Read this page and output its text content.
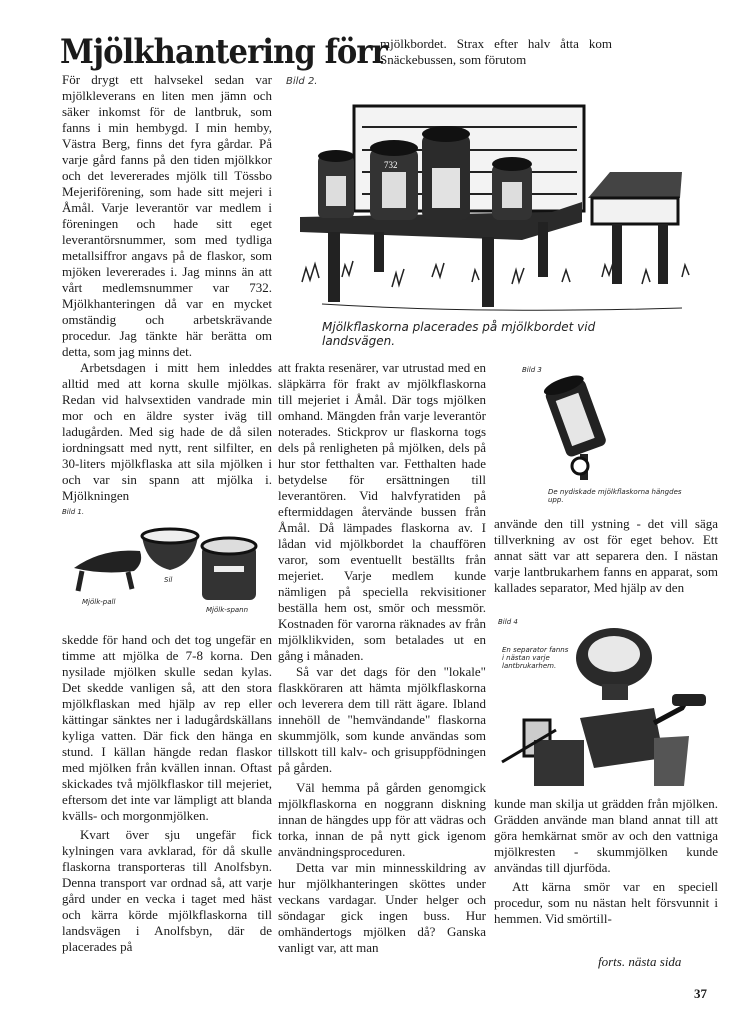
Mjölkhantering förr

mjölkbordet. Strax efter halv åtta kom Snäckebussen, som förutom

För drygt ett halvsekel sedan var mjölkleverans en liten men jämn och säker inkomst för de lantbruk, som fanns i min hembygd. I min hemby, Västra Berg, finns det fyra gårdar. På varje gård fanns på den tiden mjölkkor och det levererades mjölk till Tössbo Mejeriförening, som hade sitt mejeri i Åmål. Varje leverantör var medlem i föreningen och hade sitt eget leverantörsnummer, som med tydliga metallsiffror angavs på de flaskor, som mjöken levererades i. Jag minns än att vårt medlemsnummer var 732. Mjölkhanteringen då var en mycket omständig och arbetskrävande procedur. Jag tänkte här berätta om detta, som jag minns det.

Arbetsdagen i mitt hem inleddes alltid med att korna skulle mjölkas. Redan vid halvsextiden vandrade min mor och en äldre syster iväg till ladugården. Med sig hade de då silen iordningsatt med nytt, rent silfilter, en 30-liters mjölkflaska att sila mjölken i och var sin spann att mjölka i. Mjölkningen

Bild 1.
Mjölk-pall
Sil
Mjölk-spann

skedde för hand och det tog ungefär en timme att mjölka de 7-8 korna. Den nysilade mjölken skulle sedan kylas. Det skedde vanligen så, att den stora mjölkflaskan med hjälp av rep eller kättingar sänktes ner i ladugårdskällans kyliga vatten. Där fick den hänga en stund. I källan hängde redan flaskor med mjölken från kvällen innan. Oftast skickades två mjölkflaskor till mejeriet, eftersom det inte var lämpligt att blanda kvälls- och morgonmjölken.

Kvart över sju ungefär fick kylningen vara avklarad, för då skulle flaskorna transporteras till Anolfsbyn. Denna transport var ordnad så, att varje gård under en vecka i taget med häst och kärra körde mjölkflaskorna till landsvägen i Anolfsbyn, där de placerades på

Bild 2.
732
Mjölkflaskorna placerades på mjölkbordet vid landsvägen.

att frakta resenärer, var utrustad med en släpkärra för frakt av mjölkflaskorna till mejeriet i Åmål. Där togs mjölken omhand. Mängden från varje leverantör noterades. Stickprov ur flaskorna togs dels på renligheten på mjölken, dels på hur stor fetthalten var. Fetthalten hade betydelse för ersättningen till leverantören. Vid halvfyratiden på eftermiddagen återvände bussen från Åmål. Då lämpades flaskorna av. I lådan vid mjölkbordet la chauffören varor, som eventuellt beställts från mejeriet. Varje medlem kunde nämligen på speciella rekvisitioner beställa hem ost, smör och messmör. Kostnaden för varorna räknades av från mjölklikviden, som betalades ut en gång i månaden.

Så var det dags för den "lokale" flaskköraren att hämta mjölkflaskorna och leverera dem till rätt ägare. Ibland innehöll de "hemvändande" flaskorna skummjölk, som kunde användas som tillskott till kalv- och grisuppfödningen på gården.

Väl hemma på gården genomgick mjölkflaskorna en noggrann diskning innan de hängdes upp för att vädras och torka, innan de på nytt gick igenom användningsproceduren.

Detta var min minnesskildring av hur mjölkhanteringen sköttes under veckans vardagar. Under helger och söndagar gick ingen buss. Hur omhändertogs mjölken då? Ganska vanligt var, att man

Bild 3
De nydiskade mjölkflaskorna hängdes upp.

använde den till ystning - det vill säga tillverkning av ost för eget behov. Ett annat sätt var att separera den. I nästan varje lantbrukarhem fanns en apparat, som kallades separator, Med hjälp av den

Bild 4
En separator fanns i nästan varje lantbrukarhem.

kunde man skilja ut grädden från mjölken. Grädden använde man bland annat till att göra hemkärnat smör av och den vattniga mjölkresten - skummjölken kunde användas till djurföda.

Att kärna smör var en speciell procedur, som nu nästan helt försvunnit i hemmen. Vid smörtill-

forts. nästa sida
37
